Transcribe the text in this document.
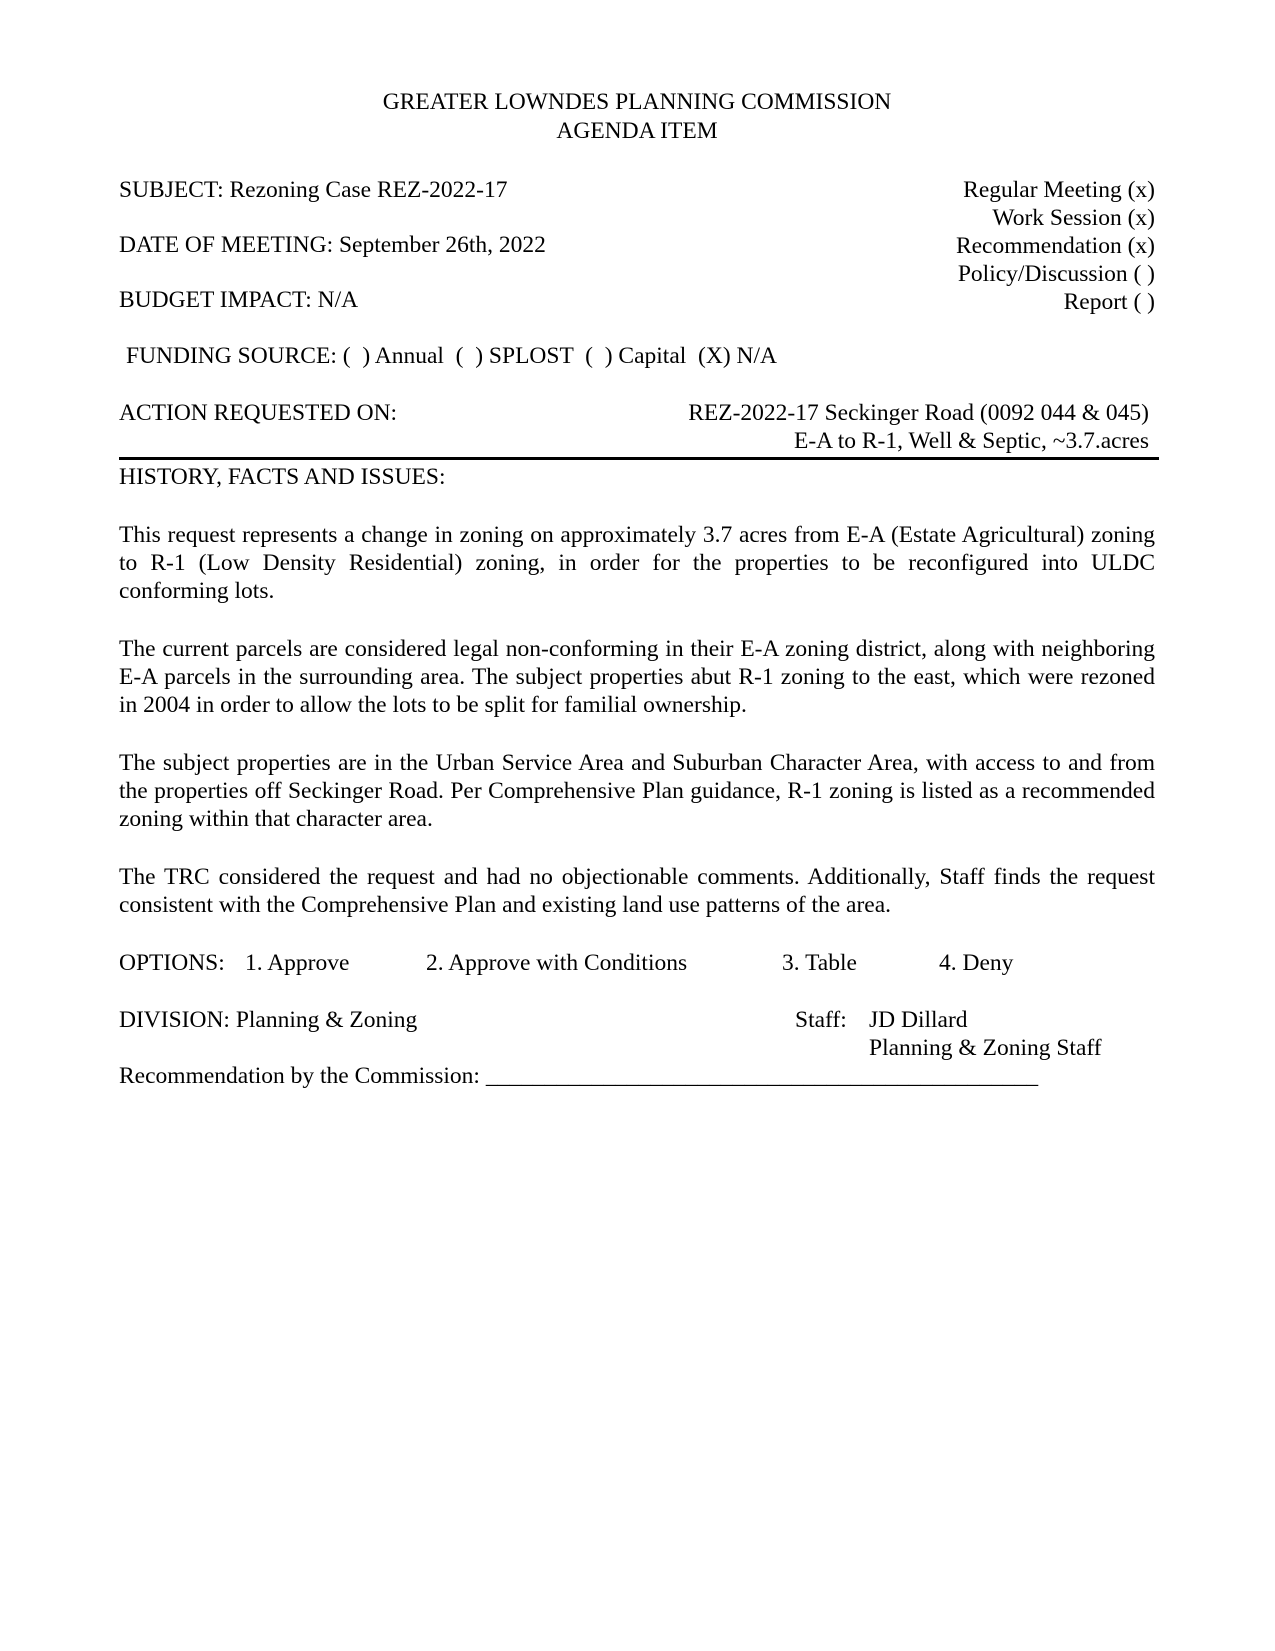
GREATER LOWNDES PLANNING COMMISSION
AGENDA ITEM
SUBJECT: Rezoning Case REZ-2022-17
DATE OF MEETING: September 26th, 2022
BUDGET IMPACT: N/A
Regular Meeting (x)
Work Session (x)
Recommendation (x)
Policy/Discussion ( )
Report ( )
FUNDING SOURCE: (  ) Annual  (  ) SPLOST  (  ) Capital  (X) N/A
ACTION REQUESTED ON:	REZ-2022-17 Seckinger Road (0092 044 & 045)
E-A to R-1, Well & Septic, ~3.7.acres
HISTORY, FACTS AND ISSUES:

This request represents a change in zoning on approximately 3.7 acres from E-A (Estate Agricultural) zoning to R-1 (Low Density Residential) zoning, in order for the properties to be reconfigured into ULDC conforming lots.

The current parcels are considered legal non-conforming in their E-A zoning district, along with neighboring E-A parcels in the surrounding area. The subject properties abut R-1 zoning to the east, which were rezoned in 2004 in order to allow the lots to be split for familial ownership.

The subject properties are in the Urban Service Area and Suburban Character Area, with access to and from the properties off Seckinger Road. Per Comprehensive Plan guidance, R-1 zoning is listed as a recommended zoning within that character area.

The TRC considered the request and had no objectionable comments. Additionally, Staff finds the request consistent with the Comprehensive Plan and existing land use patterns of the area.

OPTIONS: 1. Approve	2. Approve with Conditions	3. Table	4. Deny
DIVISION: Planning & Zoning	Staff: JD Dillard
Planning & Zoning Staff
Recommendation by the Commission: _______________________________________________
